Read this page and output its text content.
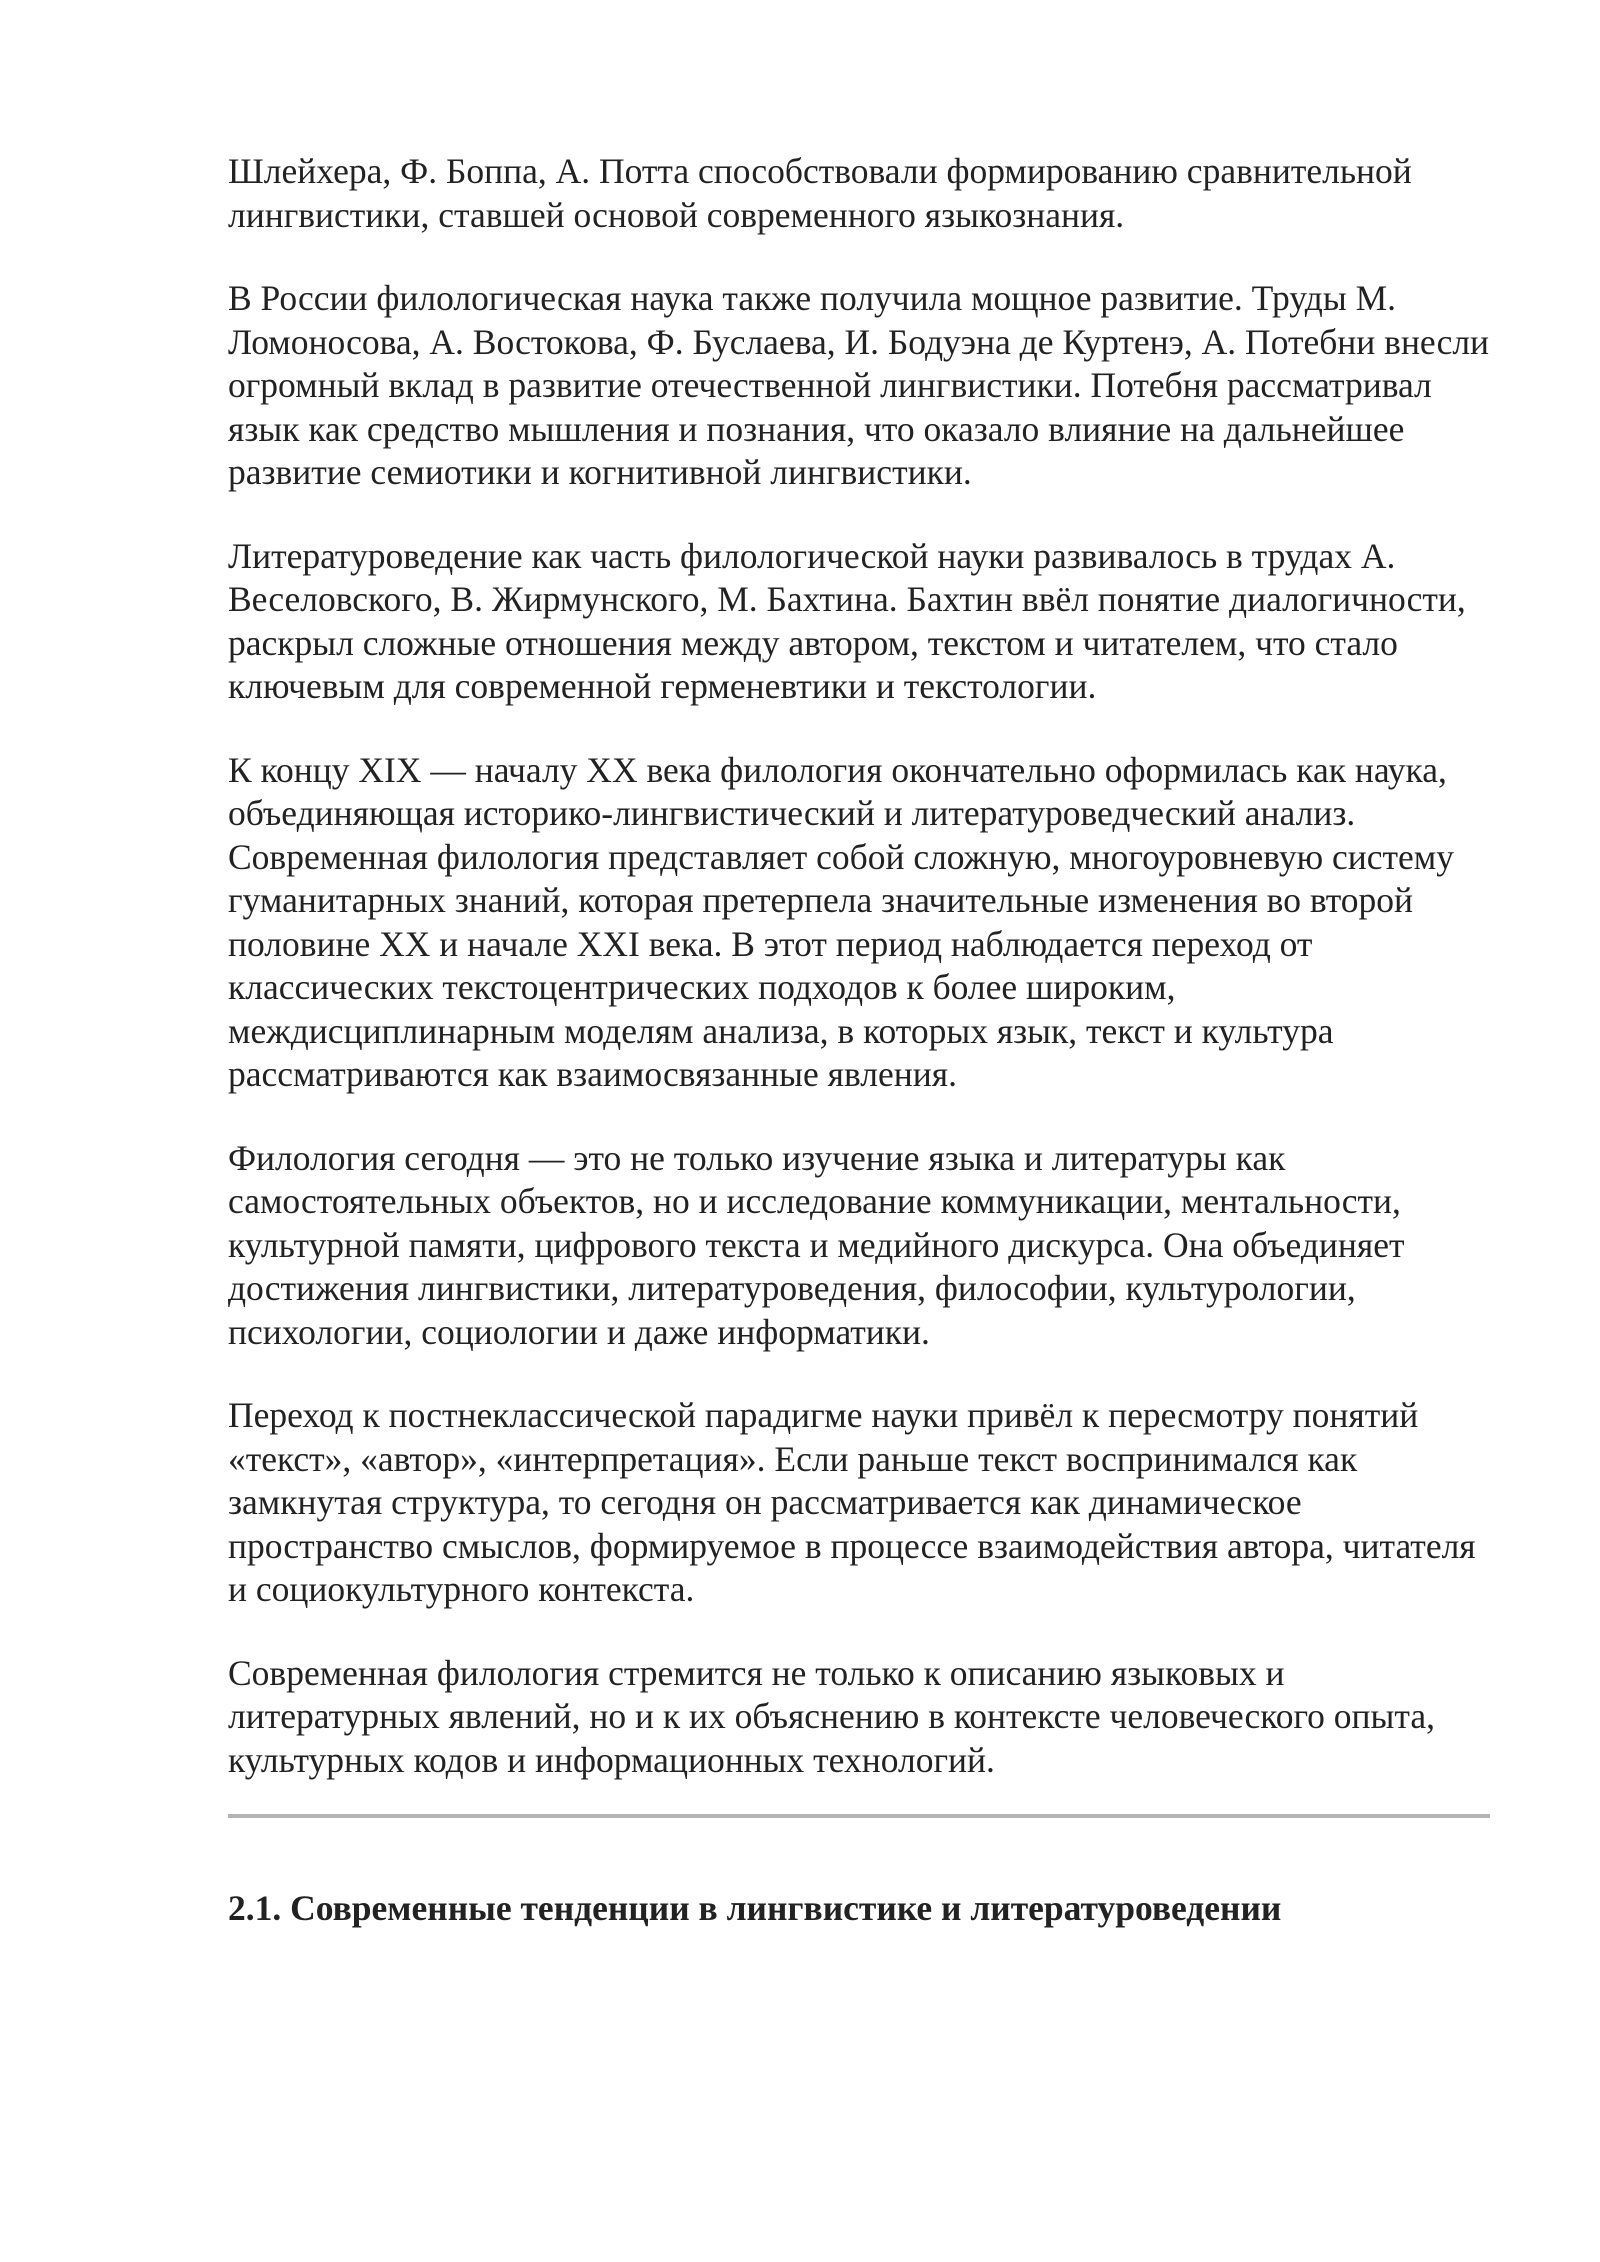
Шлейхера, Ф. Боппа, А. Потта способствовали формированию сравнительной лингвистики, ставшей основой современного языкознания.

В России филологическая наука также получила мощное развитие. Труды М. Ломоносова, А. Востокова, Ф. Буслаева, И. Бодуэна де Куртенэ, А. Потебни внесли огромный вклад в развитие отечественной лингвистики. Потебня рассматривал язык как средство мышления и познания, что оказало влияние на дальнейшее развитие семиотики и когнитивной лингвистики.

Литературоведение как часть филологической науки развивалось в трудах А. Веселовского, В. Жирмунского, М. Бахтина. Бахтин ввёл понятие диалогичности, раскрыл сложные отношения между автором, текстом и читателем, что стало ключевым для современной герменевтики и текстологии.

К концу XIX — началу XX века филология окончательно оформилась как наука, объединяющая историко-лингвистический и литературоведческий анализ. Современная филология представляет собой сложную, многоуровневую систему гуманитарных знаний, которая претерпела значительные изменения во второй половине XX и начале XXI века. В этот период наблюдается переход от классических текстоцентрических подходов к более широким, междисциплинарным моделям анализа, в которых язык, текст и культура рассматриваются как взаимосвязанные явления.

Филология сегодня — это не только изучение языка и литературы как самостоятельных объектов, но и исследование коммуникации, ментальности, культурной памяти, цифрового текста и медийного дискурса. Она объединяет достижения лингвистики, литературоведения, философии, культурологии, психологии, социологии и даже информатики.

Переход к постнеклассической парадигме науки привёл к пересмотру понятий «текст», «автор», «интерпретация». Если раньше текст воспринимался как замкнутая структура, то сегодня он рассматривается как динамическое пространство смыслов, формируемое в процессе взаимодействия автора, читателя и социокультурного контекста.

Современная филология стремится не только к описанию языковых и литературных явлений, но и к их объяснению в контексте человеческого опыта, культурных кодов и информационных технологий.

2.1. Современные тенденции в лингвистике и литературоведении
